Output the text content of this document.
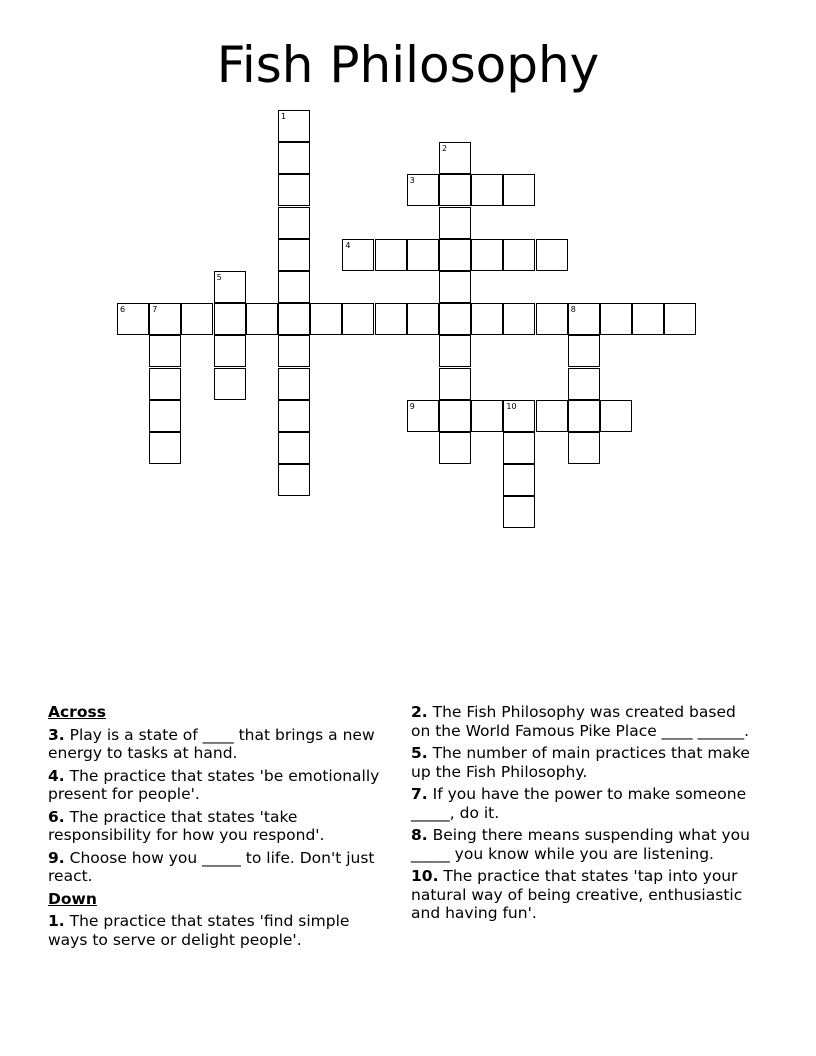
Fish Philosophy
1
2
3
4
5
6	7	8
9	10
Across
3. Play is a state of ____ that brings a new energy to tasks at hand.
4. The practice that states 'be emotionally present for people'.
6. The practice that states 'take responsibility for how you respond'.
9. Choose how you _____ to life. Don't just react.
Down
1. The practice that states 'find simple ways to serve or delight people'.
2. The Fish Philosophy was created based on the World Famous Pike Place ____ ______.
5. The number of main practices that make up the Fish Philosophy.
7. If you have the power to make someone _____, do it.
8. Being there means suspending what you _____ you know while you are listening.
10. The practice that states 'tap into your natural way of being creative, enthusiastic and having fun'.
